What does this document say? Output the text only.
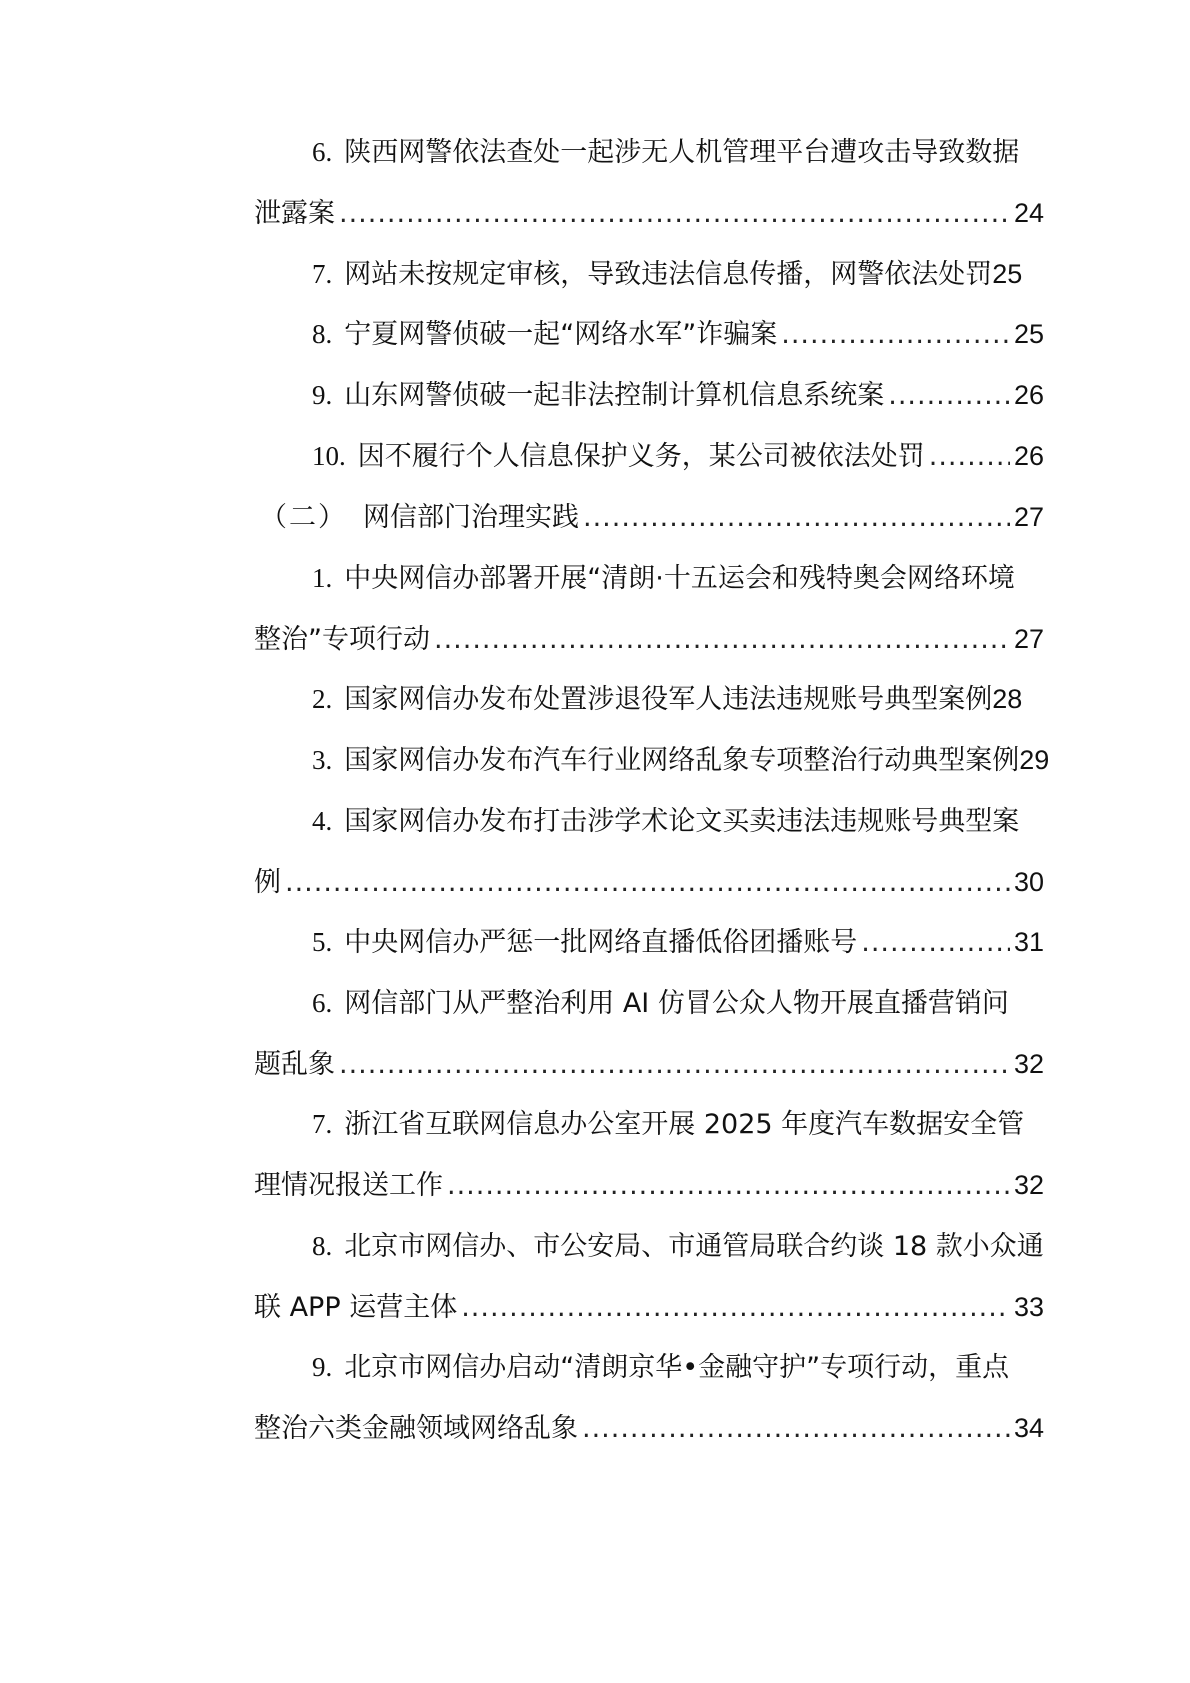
6. 陕西网警依法查处一起涉无人机管理平台遭攻击导致数据
泄露案 .....	24
7. 网站未按规定审核，导致违法信息传播，网警依法处罚 25
8. 宁夏网警侦破一起“网络水军”诈骗案 .....	25
9. 山东网警侦破一起非法控制计算机信息系统案 .....	26
10. 因不履行个人信息保护义务，某公司被依法处罚 .....	26
（二） 网信部门治理实践 .....	27
1. 中央网信办部署开展“清朗·十五运会和残特奥会网络环境
整治”专项行动 .....	27
2. 国家网信办发布处置涉退役军人违法违规账号典型案例 28
3. 国家网信办发布汽车行业网络乱象专项整治行动典型案例 29
4. 国家网信办发布打击涉学术论文买卖违法违规账号典型案
例 .....	30
5. 中央网信办严惩一批网络直播低俗团播账号 .....	31
6. 网信部门从严整治利用 AI 仿冒公众人物开展直播营销问
题乱象 .....	32
7. 浙江省互联网信息办公室开展 2025 年度汽车数据安全管
理情况报送工作 .....	32
8. 北京市网信办、市公安局、市通管局联合约谈 18 款小众通
联 APP 运营主体 .....	33
9. 北京市网信办启动“清朗京华•金融守护”专项行动，重点
整治六类金融领域网络乱象 .....	34
